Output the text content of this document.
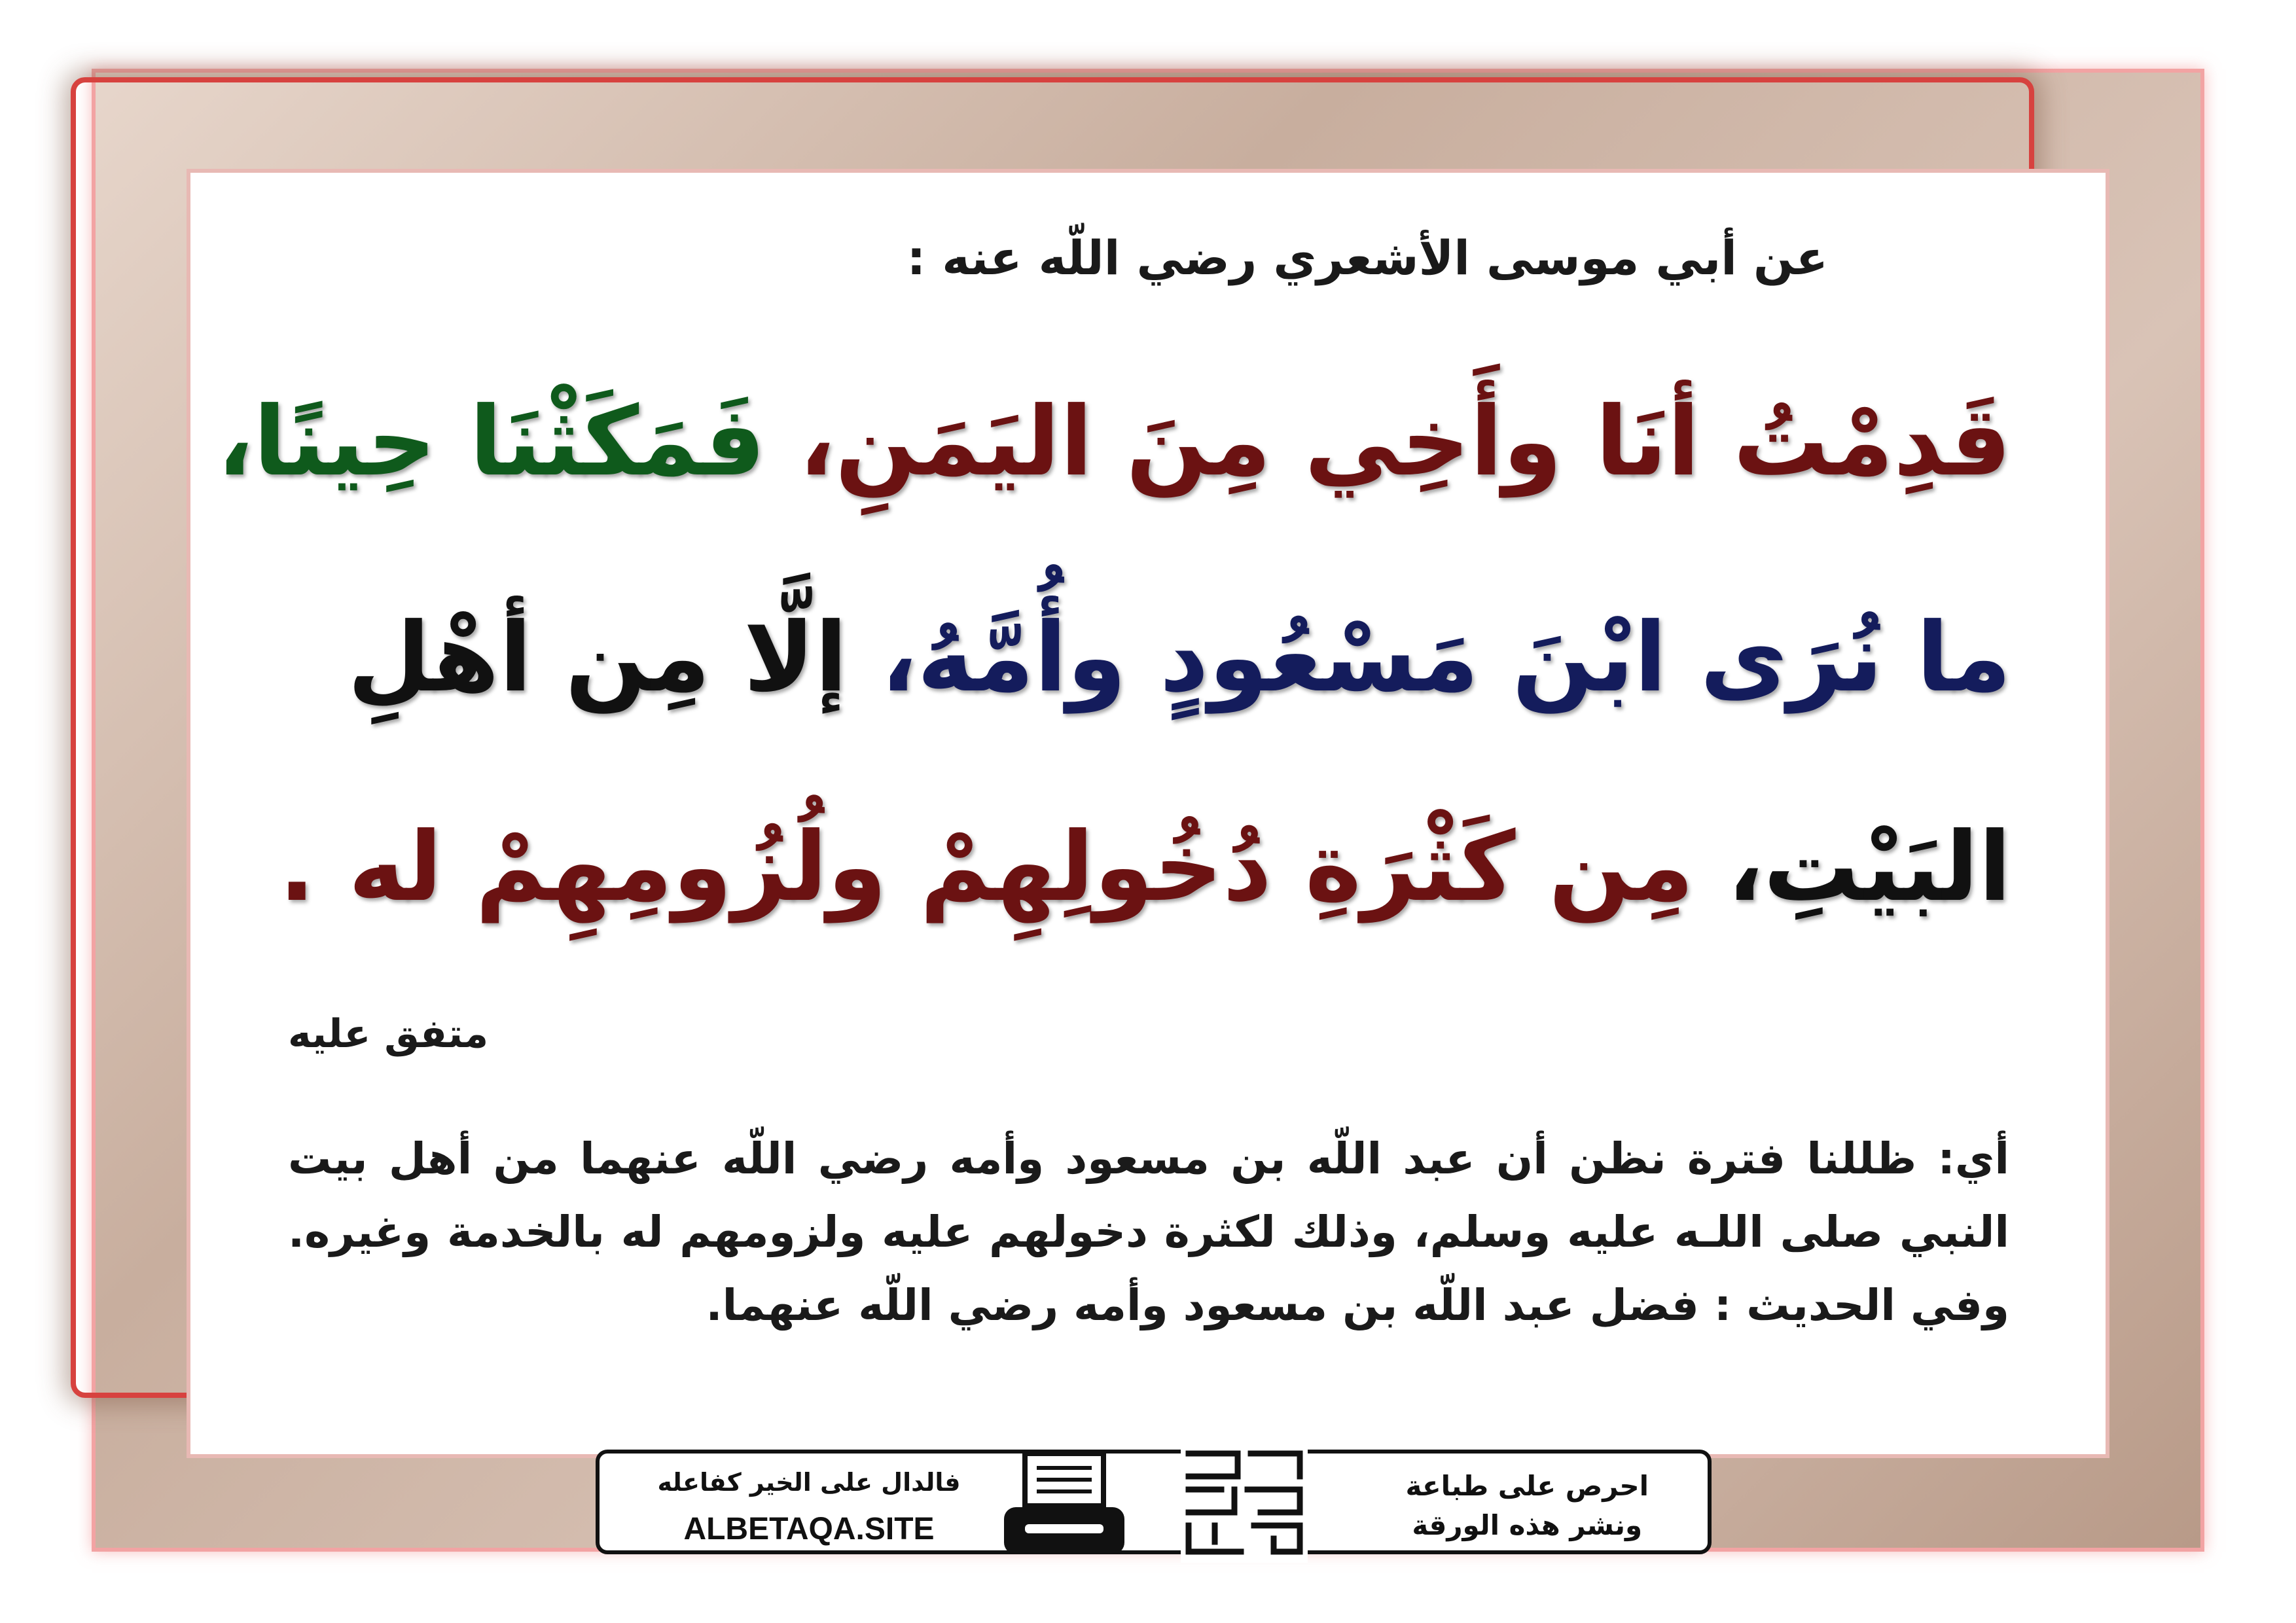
عن أبي موسى الأشعري رضي اللّه عنه :
قَدِمْتُ أنَا وأَخِي مِنَ اليَمَنِ، فَمَكَثْنَا حِينًا،
ما نُرَى ابْنَ مَسْعُودٍ وأُمَّهُ، إلَّا مِن أهْلِ
البَيْتِ، مِن كَثْرَةِ دُخُولِهِمْ ولُزُومِهِمْ له .
متفق عليه
أي: ظللنا فترة نظن أن عبد اللّه بن مسعود وأمه رضي اللّه عنهما من أهل بيت النبي صلى اللـه عليه وسلم، وذلك لكثرة دخولهم عليه ولزومهم له بالخدمة وغيره. وفي الحديث : فضل عبد اللّه بن مسعود وأمه رضي اللّه عنهما.
فالدال على الخير كفاعله
ALBETAQA.SITE
احرص على طباعة
ونشر هذه الورقة
